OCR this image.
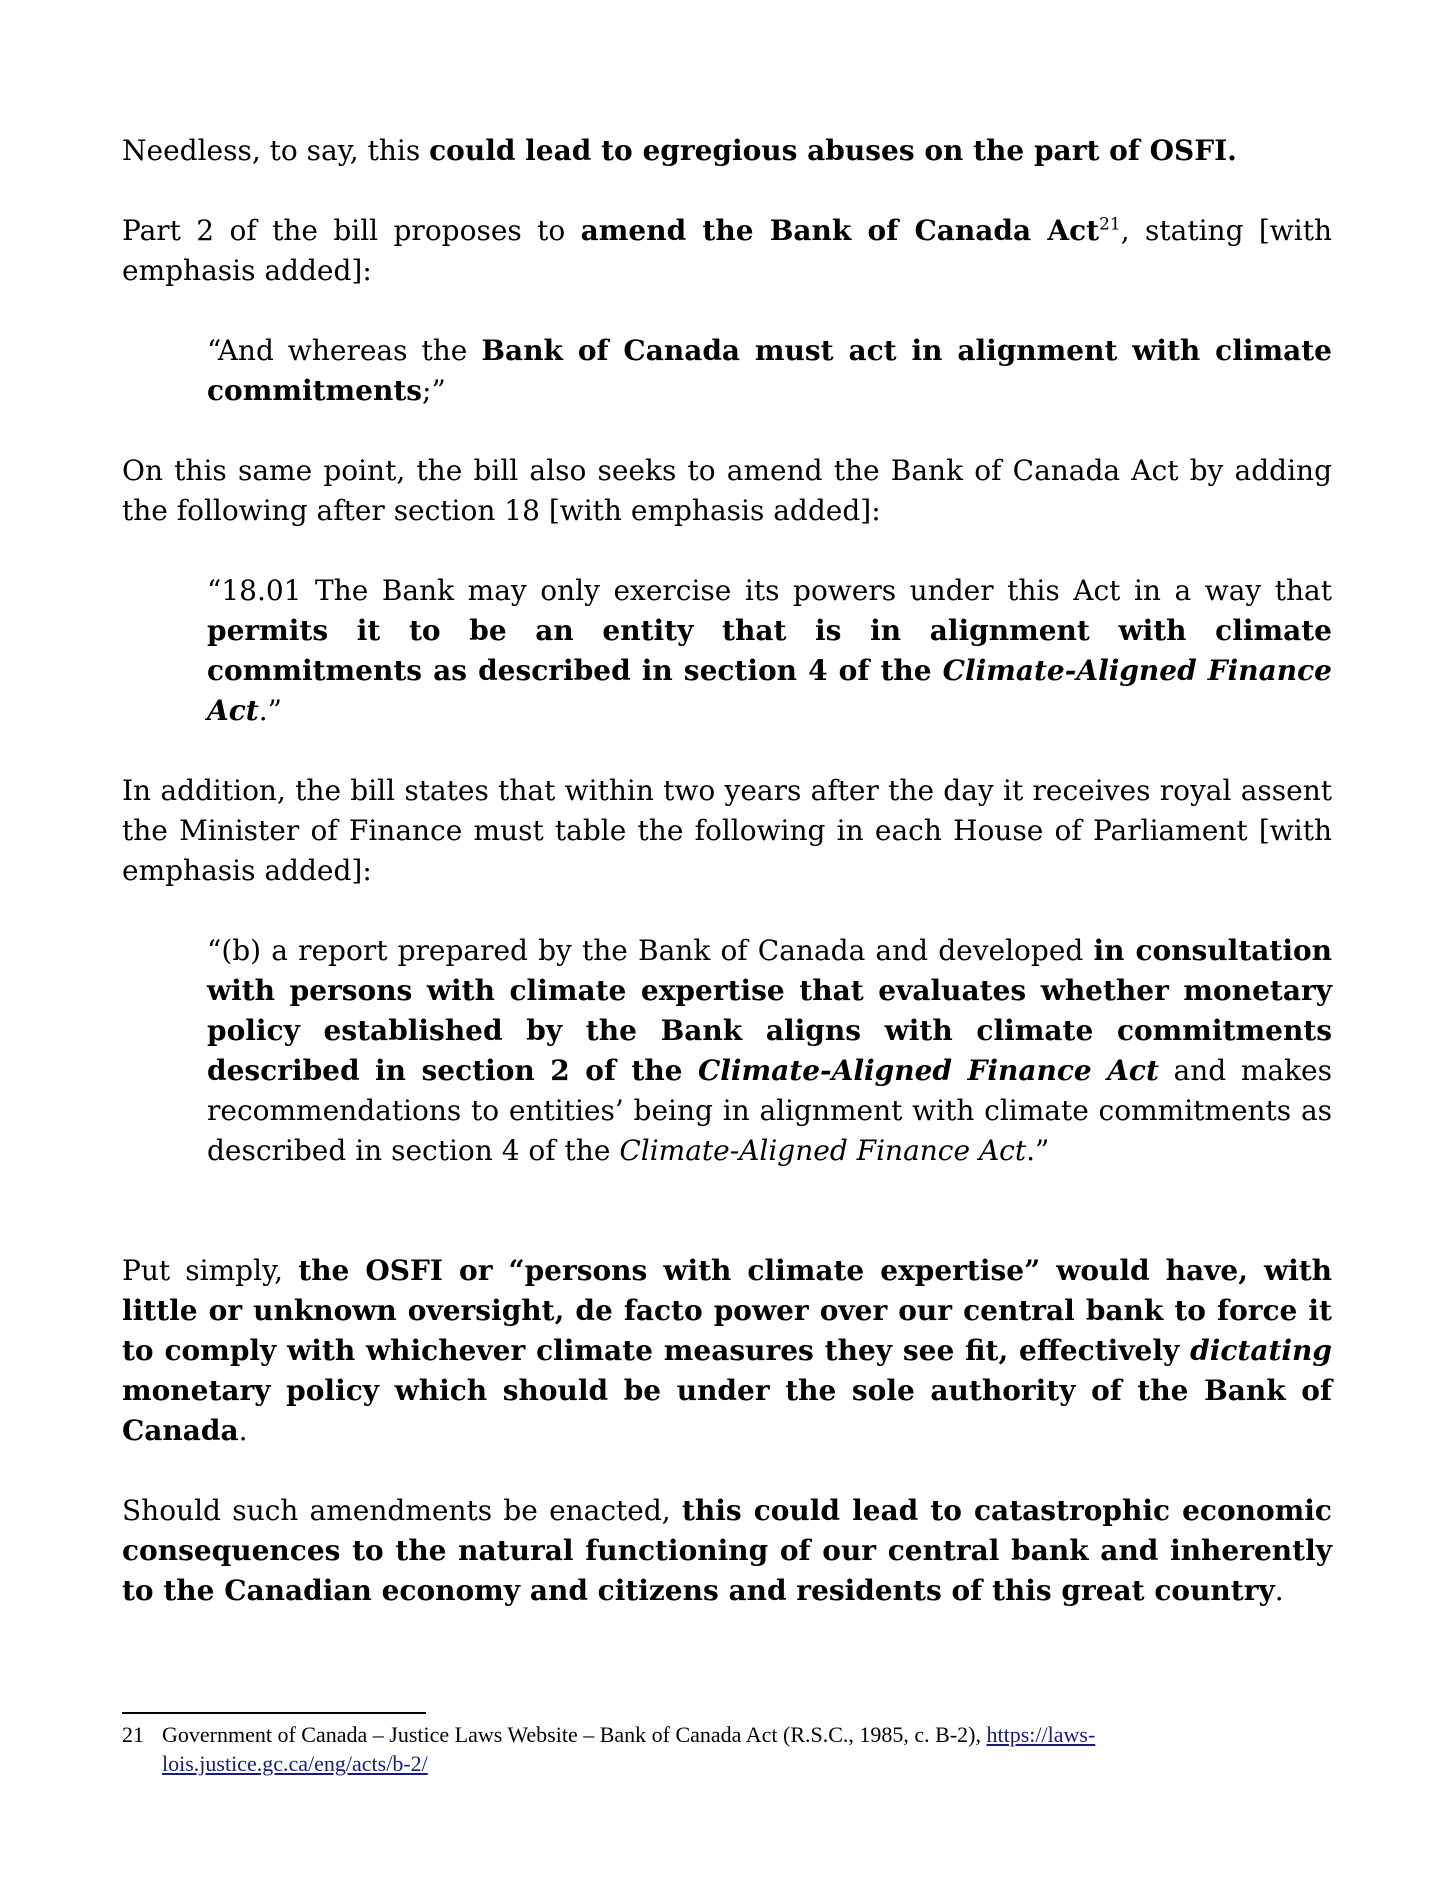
Needless, to say, this could lead to egregious abuses on the part of OSFI.

Part 2 of the bill proposes to amend the Bank of Canada Act$^{21}$, stating [with emphasis added]:

“And whereas the Bank of Canada must act in alignment with climate commitments;”

On this same point, the bill also seeks to amend the Bank of Canada Act by adding the following after section 18 [with emphasis added]:

“18.01 The Bank may only exercise its powers under this Act in a way that permits it to be an entity that is in alignment with climate commitments as described in section 4 of the Climate-Aligned Finance Act.”

In addition, the bill states that within two years after the day it receives royal assent the Minister of Finance must table the following in each House of Parliament [with emphasis added]:

“(b) a report prepared by the Bank of Canada and developed in consultation with persons with climate expertise that evaluates whether monetary policy established by the Bank aligns with climate commitments described in section 2 of the Climate-Aligned Finance Act and makes recommendations to entities’ being in alignment with climate commitments as described in section 4 of the Climate-Aligned Finance Act.”

Put simply, the OSFI or “persons with climate expertise” would have, with little or unknown oversight, de facto power over our central bank to force it to comply with whichever climate measures they see fit, effectively dictating monetary policy which should be under the sole authority of the Bank of Canada.

Should such amendments be enacted, this could lead to catastrophic economic consequences to the natural functioning of our central bank and inherently to the Canadian economy and citizens and residents of this great country.

21 Government of Canada – Justice Laws Website – Bank of Canada Act (R.S.C., 1985, c. B-2), https://laws-lois.justice.gc.ca/eng/acts/b-2/
